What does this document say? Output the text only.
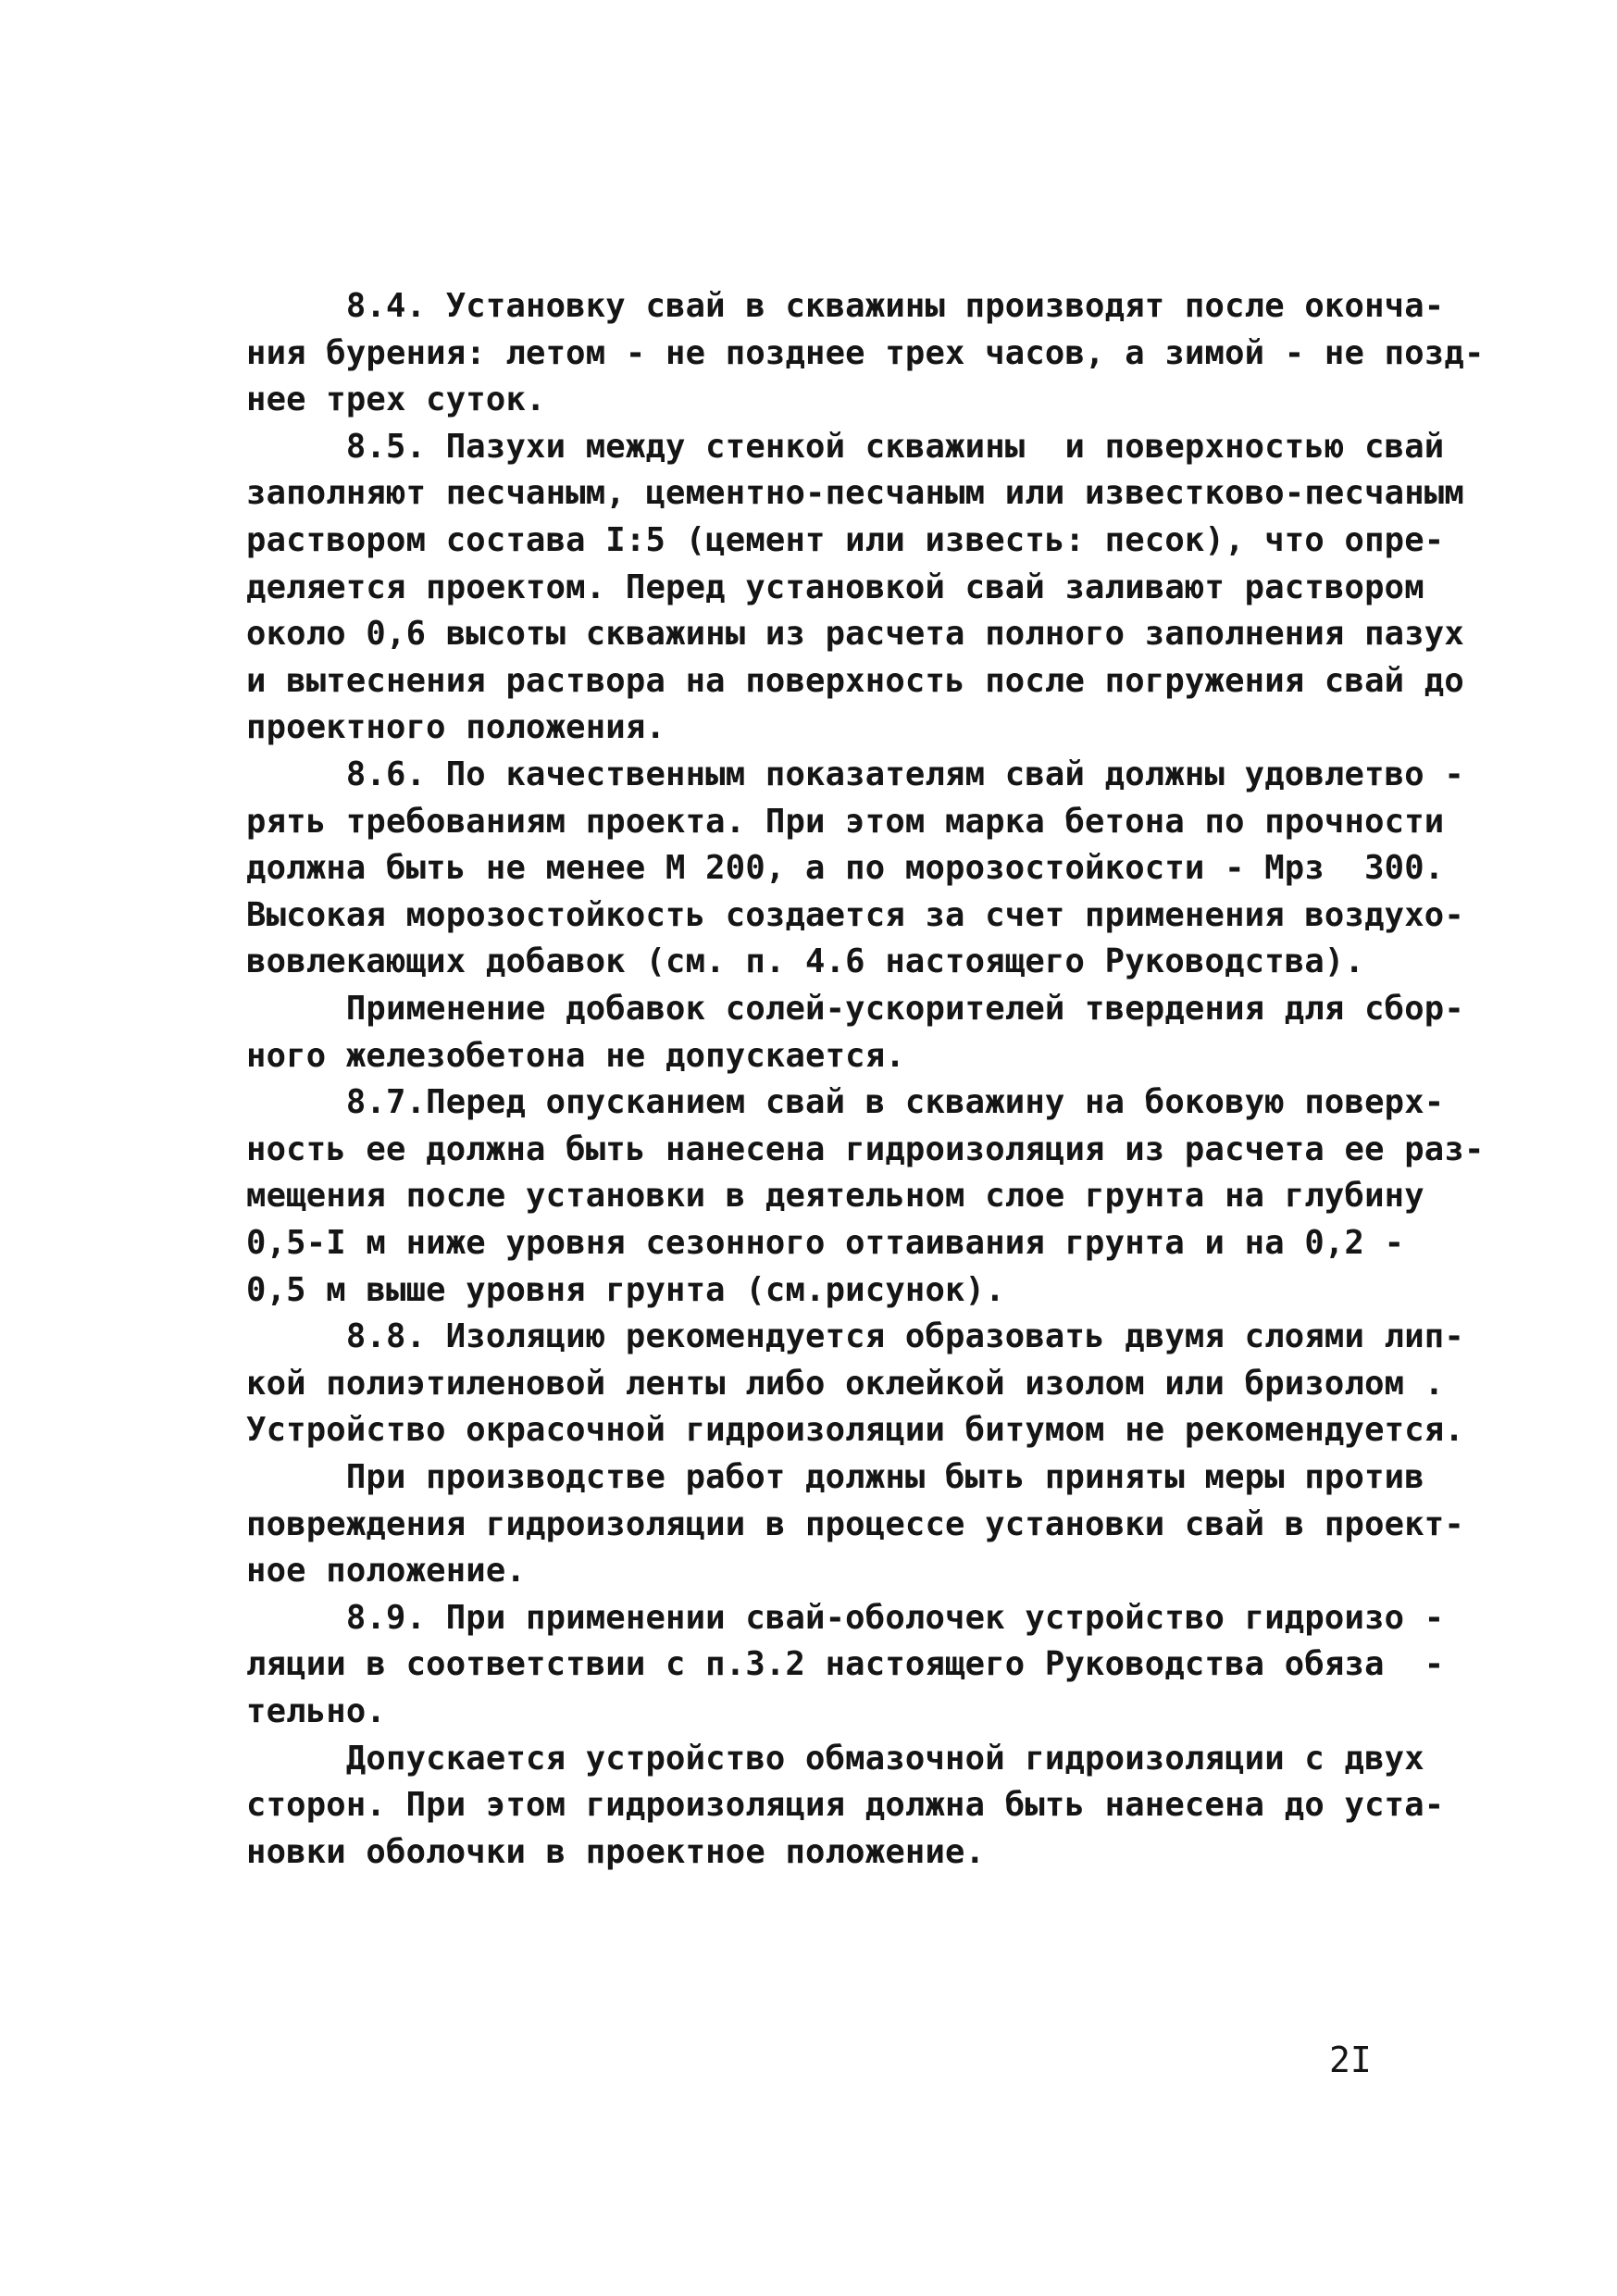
8.4. Установку свай в скважины производят после оконча-
ния бурения: летом - не позднее трех часов, а зимой - не позд-
нее трех суток.
8.5. Пазухи между стенкой скважины  и поверхностью свай
заполняют песчаным, цементно-песчаным или известково-песчаным
раствором состава I:5 (цемент или известь: песок), что опре-
деляется проектом. Перед установкой свай заливают раствором
около 0,6 высоты скважины из расчета полного заполнения пазух
и вытеснения раствора на поверхность после погружения свай до
проектного положения.
8.6. По качественным показателям свай должны удовлетво -
рять требованиям проекта. При этом марка бетона по прочности
должна быть не менее М 200, а по морозостойкости - Мрз  300.
Высокая морозостойкость создается за счет применения воздухо-
вовлекающих добавок (см. п. 4.6 настоящего Руководства).
Применение добавок солей-ускорителей твердения для сбор-
ного железобетона не допускается.
8.7.Перед опусканием свай в скважину на боковую поверх-
ность ее должна быть нанесена гидроизоляция из расчета ее раз-
мещения после установки в деятельном слое грунта на глубину
0,5-I м ниже уровня сезонного оттаивания грунта и на 0,2 -
0,5 м выше уровня грунта (см.рисунок).
8.8. Изоляцию рекомендуется образовать двумя слоями лип-
кой полиэтиленовой ленты либо оклейкой изолом или бризолом .
Устройство окрасочной гидроизоляции битумом не рекомендуется.
При производстве работ должны быть приняты меры против
повреждения гидроизоляции в процессе установки свай в проект-
ное положение.
8.9. При применении свай-оболочек устройство гидроизо -
ляции в соответствии с п.3.2 настоящего Руководства обяза  -
тельно.
Допускается устройство обмазочной гидроизоляции с двух
сторон. При этом гидроизоляция должна быть нанесена до уста-
новки оболочки в проектное положение.
2I
